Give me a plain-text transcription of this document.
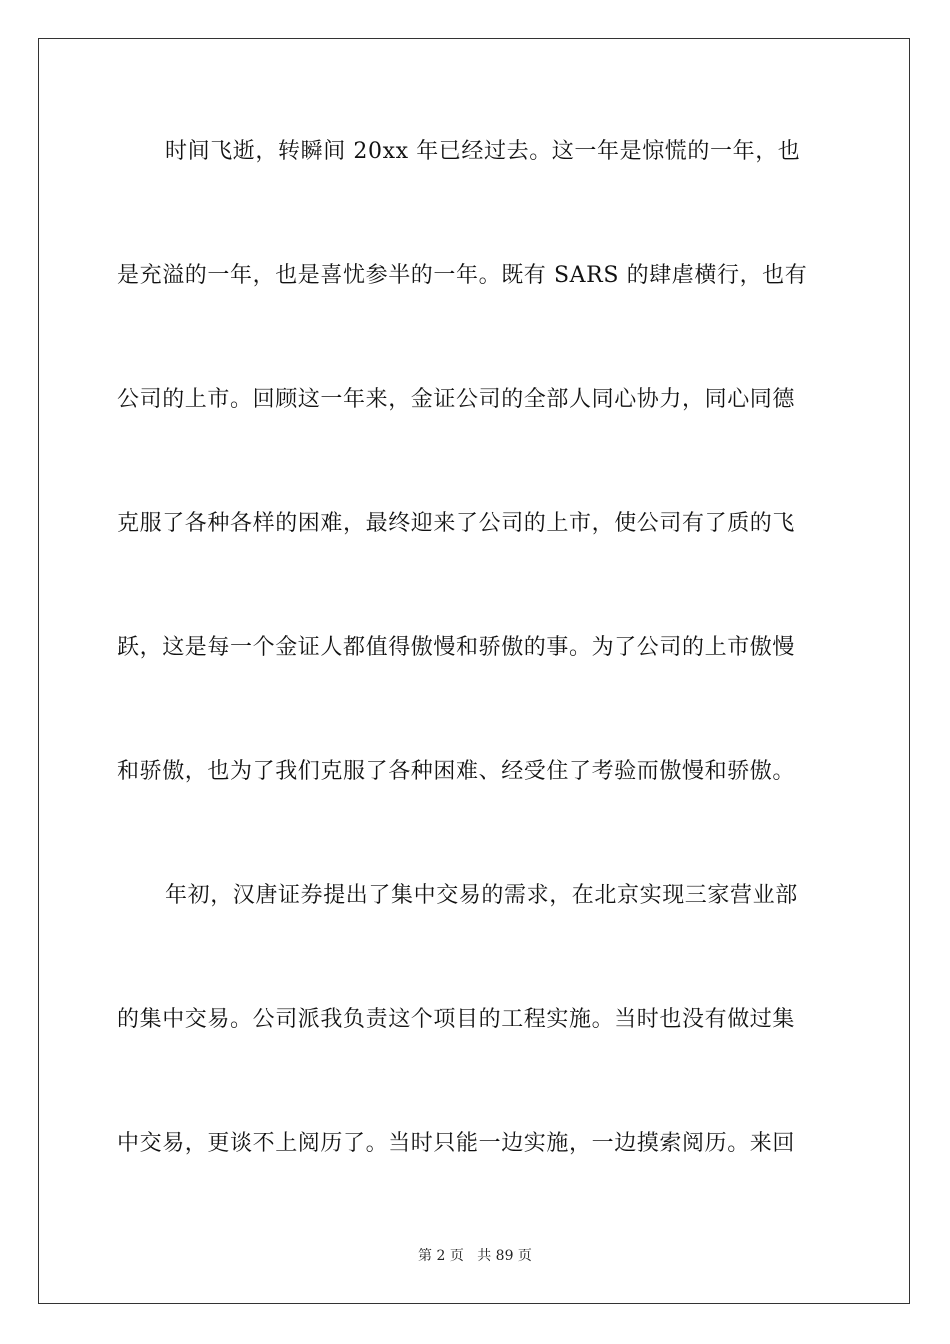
时间飞逝，转瞬间 20xx 年已经过去。这一年是惊慌的一年，也
是充溢的一年，也是喜忧参半的一年。既有 SARS 的肆虐横行，也有
公司的上市。回顾这一年来，金证公司的全部人同心协力，同心同德
克服了各种各样的困难，最终迎来了公司的上市，使公司有了质的飞
跃，这是每一个金证人都值得傲慢和骄傲的事。为了公司的上市傲慢
和骄傲，也为了我们克服了各种困难、经受住了考验而傲慢和骄傲。
年初，汉唐证券提出了集中交易的需求，在北京实现三家营业部
的集中交易。公司派我负责这个项目的工程实施。当时也没有做过集
中交易，更谈不上阅历了。当时只能一边实施，一边摸索阅历。来回
第 2 页 共 89 页
